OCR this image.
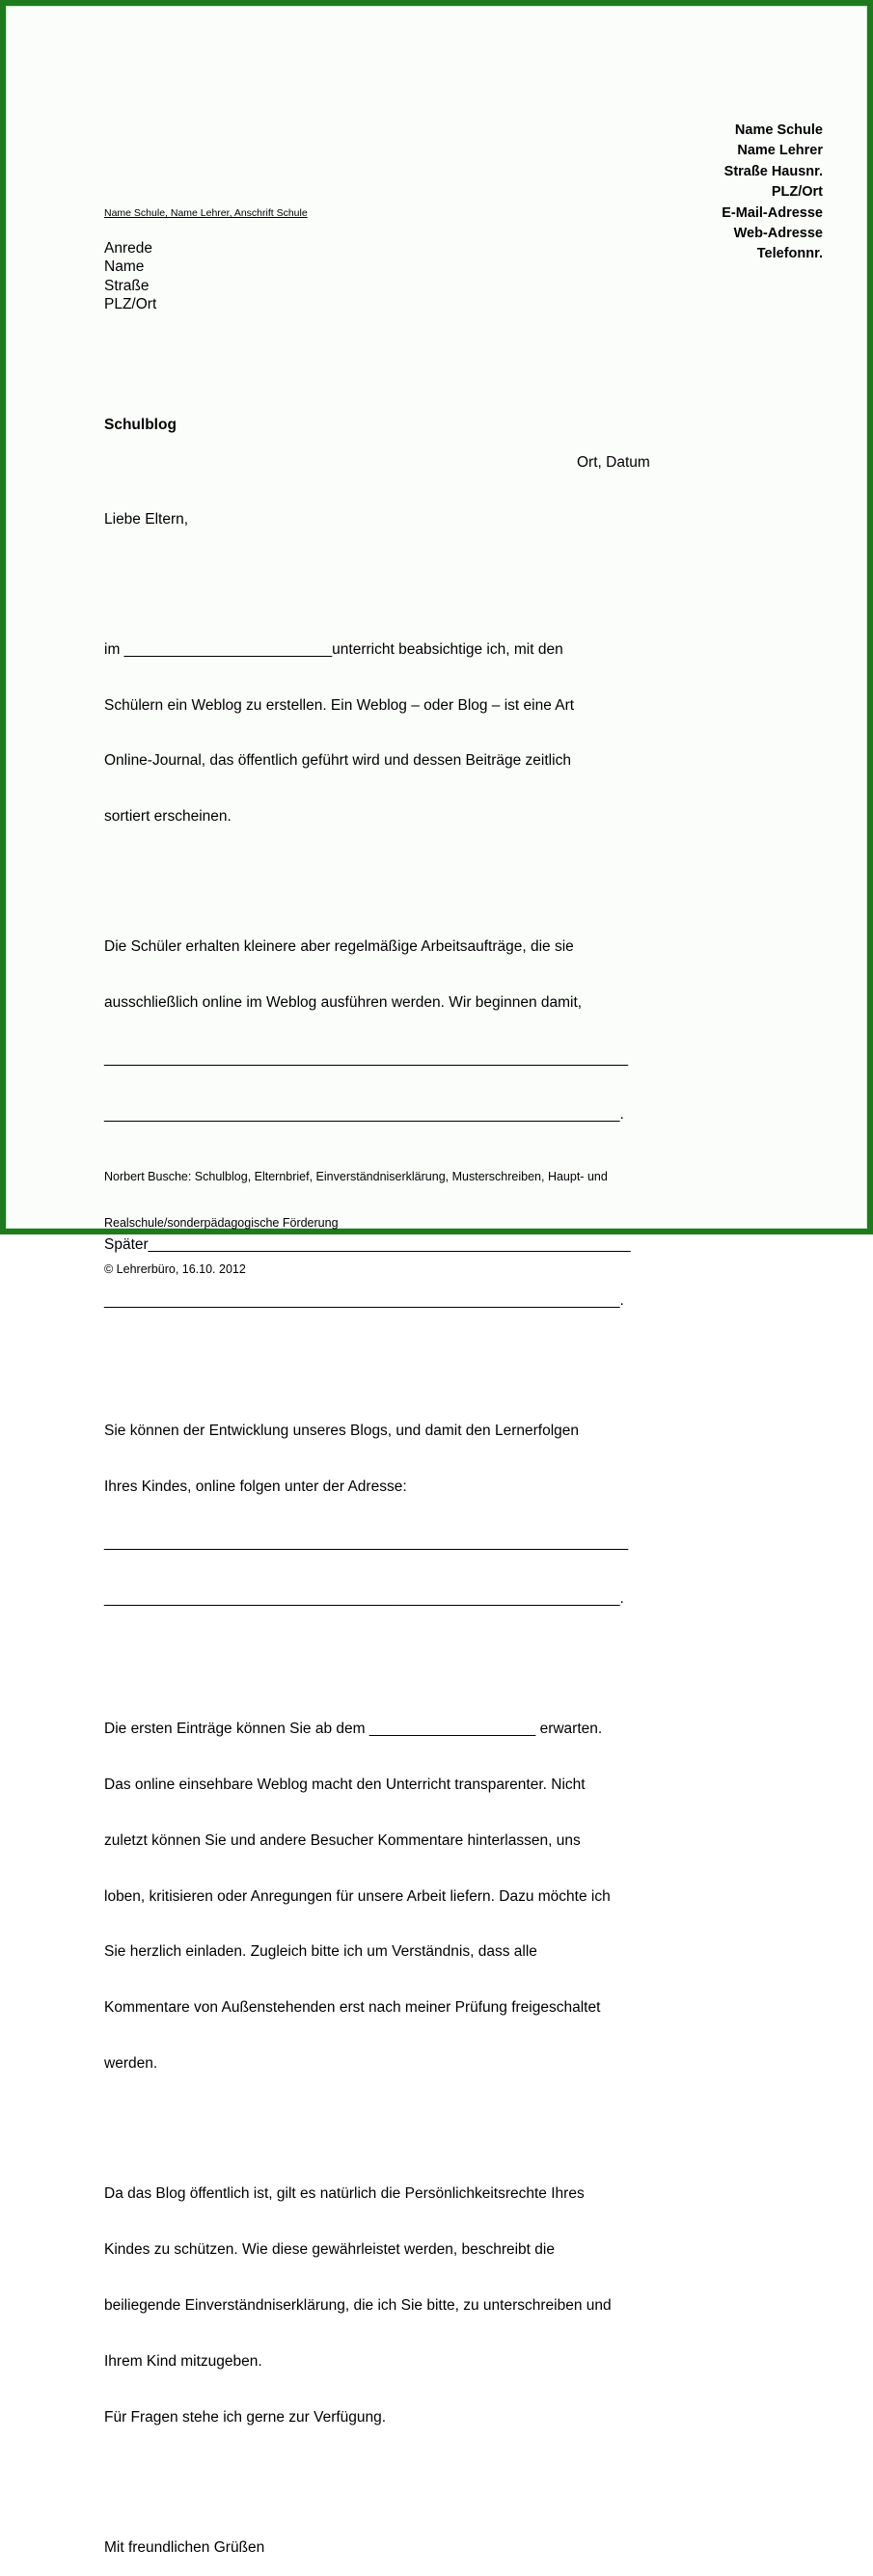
Name Schule
Name Lehrer
Straße Hausnr.
PLZ/Ort
E-Mail-Adresse
Web-Adresse
Telefonnr.
Name Schule, Name Lehrer, Anschrift Schule
Anrede
Name
Straße
PLZ/Ort
Schulblog
Ort, Datum

Liebe Eltern,

im _________________________unterricht beabsichtige ich, mit den

Schülern ein Weblog zu erstellen. Ein Weblog – oder Blog – ist eine Art

Online-Journal, das öffentlich geführt wird und dessen Beiträge zeitlich

sortiert erscheinen.

Die Schüler erhalten kleinere aber regelmäßige Arbeitsaufträge, die sie

ausschließlich online im Weblog ausführen werden. Wir beginnen damit,

_______________________________________________________________

______________________________________________________________.

Später__________________________________________________________

______________________________________________________________.

Sie können der Entwicklung unseres Blogs, und damit den Lernerfolgen

Ihres Kindes, online folgen unter der Adresse:

_______________________________________________________________

______________________________________________________________.

Die ersten Einträge können Sie ab dem ____________________ erwarten.

Das online einsehbare Weblog macht den Unterricht transparenter. Nicht

zuletzt können Sie und andere Besucher Kommentare hinterlassen, uns

loben, kritisieren oder Anregungen für unsere Arbeit liefern. Dazu möchte ich

Sie herzlich einladen. Zugleich bitte ich um Verständnis, dass alle

Kommentare von Außenstehenden erst nach meiner Prüfung freigeschaltet

werden.

Da das Blog öffentlich ist, gilt es natürlich die Persönlichkeitsrechte Ihres

Kindes zu schützen. Wie diese gewährleistet werden, beschreibt die

beiliegende Einverständniserklärung, die ich Sie bitte, zu unterschreiben und

Ihrem Kind mitzugeben.

Für Fragen stehe ich gerne zur Verfügung.

Mit freundlichen Grüßen

Norbert Busche: Schulblog, Elternbrief, Einverständniserklärung, Musterschreiben, Haupt- und

Realschule/sonderpädagogische Förderung

© Lehrerbüro, 16.10. 2012
